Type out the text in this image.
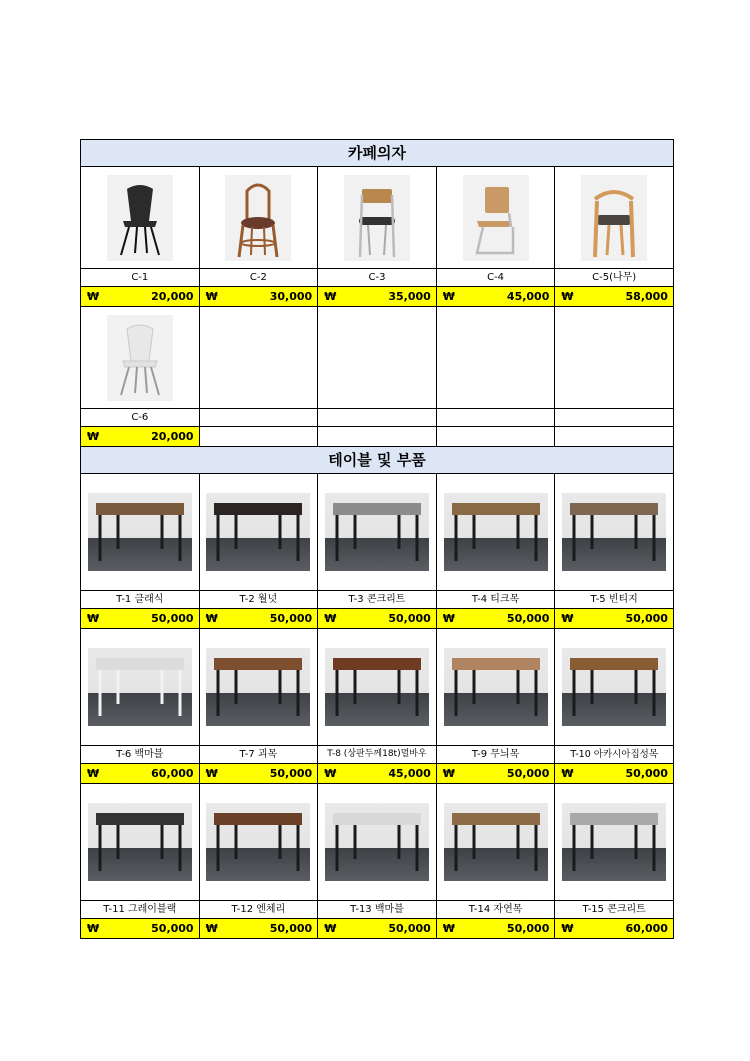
카페의자
C-1	C-2	C-3	C-4	C-5(나무)
₩	20,000 ₩	30,000 ₩	35,000 ₩	45,000 ₩	58,000
C-6
₩	20,000
테이블 및 부품
T-1 클래식	T-2 월넛	T-3 콘크리트	T-4 티크목	T-5 빈티지
₩	50,000 ₩	50,000 ₩	50,000 ₩	50,000 ₩	50,000
T-6 백마블	T-7 괴목	T-8 (상판두께18t)멀바우	T-9 무늬목	T-10 아카시아집성목
₩	60,000 ₩	50,000 ₩	45,000 ₩	50,000 ₩	50,000
T-11 그레이블랙	T-12 엔체리	T-13 백마블	T-14 자연목	T-15 콘크리트
₩	50,000 ₩	50,000 ₩	50,000 ₩	50,000 ₩	60,000
